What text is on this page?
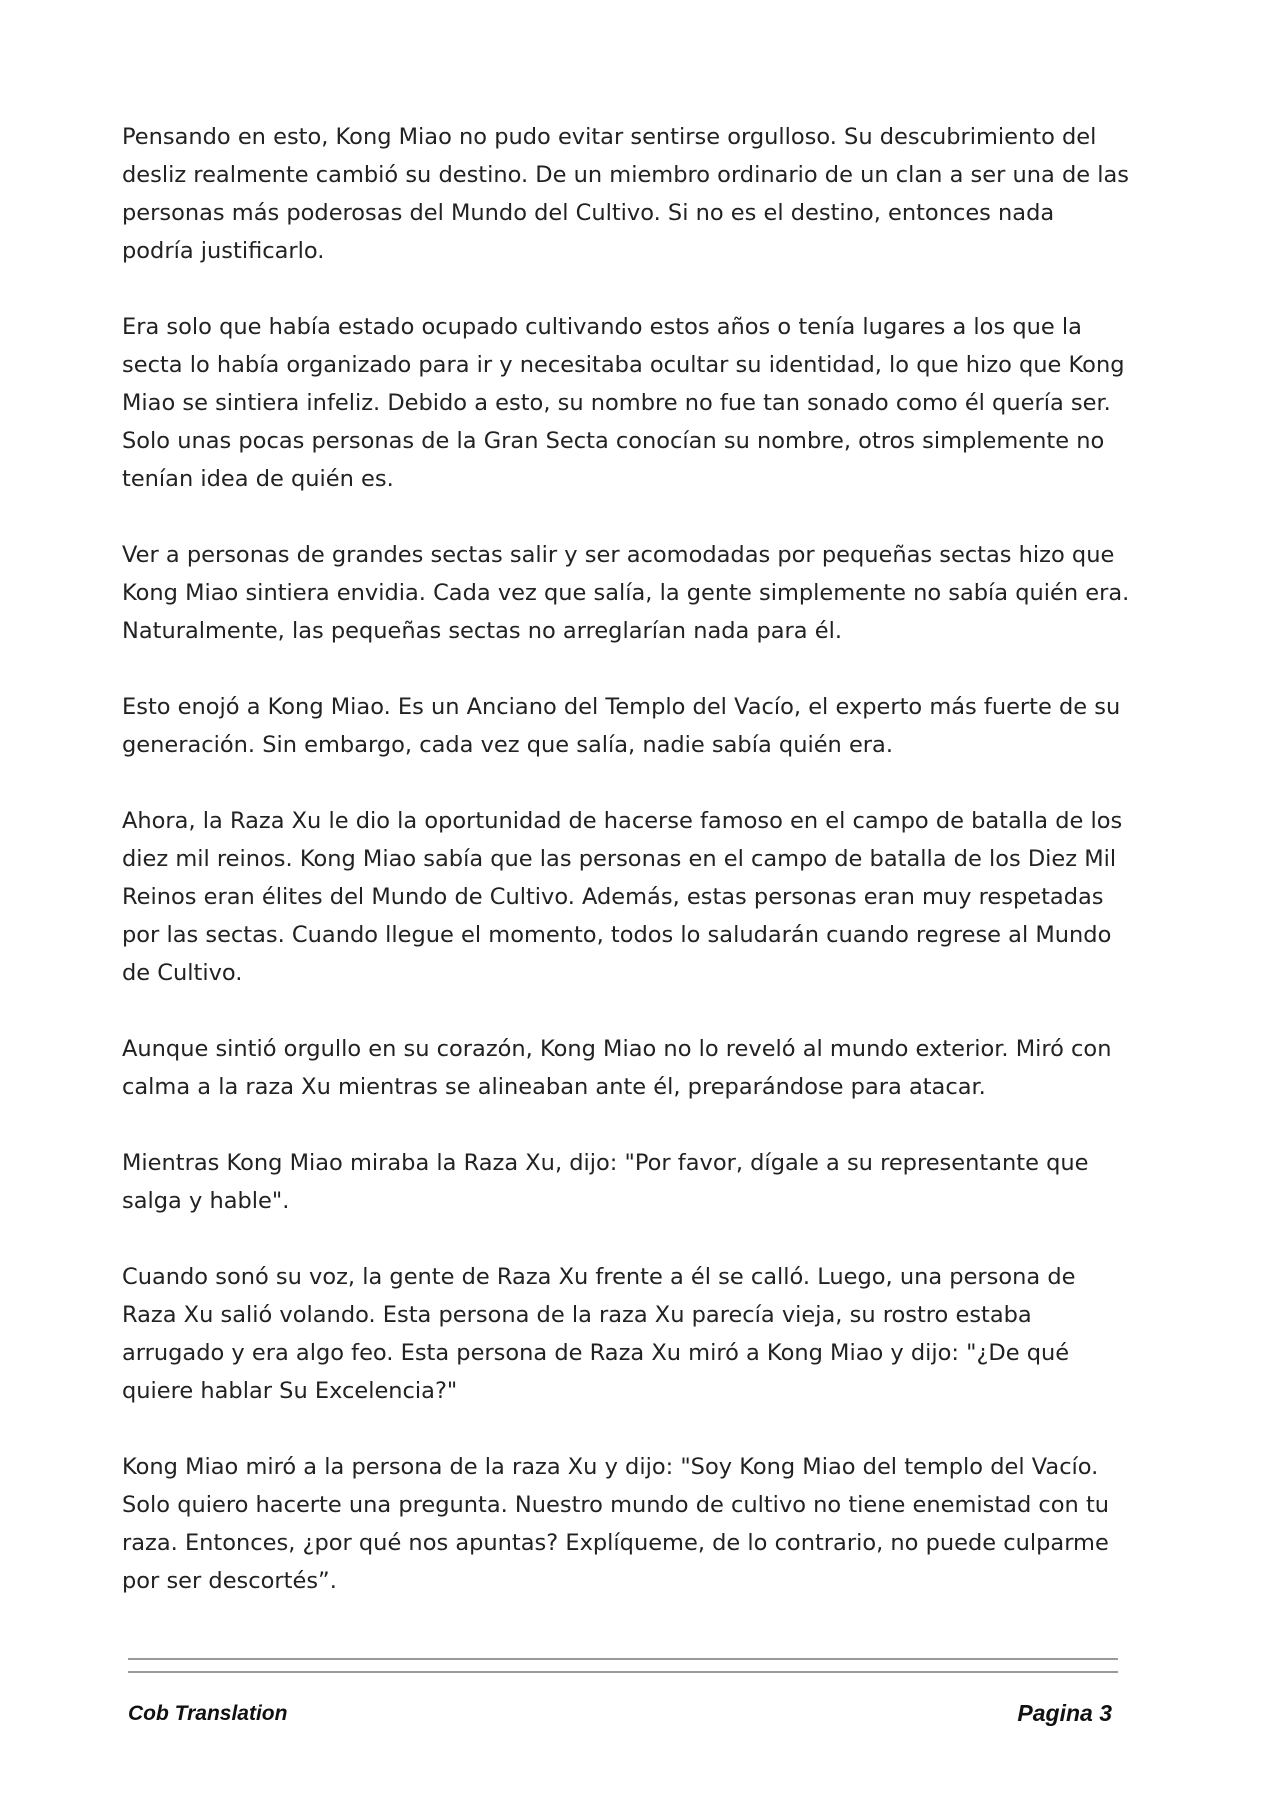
Pensando en esto, Kong Miao no pudo evitar sentirse orgulloso. Su descubrimiento del desliz realmente cambió su destino. De un miembro ordinario de un clan a ser una de las personas más poderosas del Mundo del Cultivo. Si no es el destino, entonces nada podría justificarlo.

Era solo que había estado ocupado cultivando estos años o tenía lugares a los que la secta lo había organizado para ir y necesitaba ocultar su identidad, lo que hizo que Kong Miao se sintiera infeliz. Debido a esto, su nombre no fue tan sonado como él quería ser. Solo unas pocas personas de la Gran Secta conocían su nombre, otros simplemente no tenían idea de quién es.

Ver a personas de grandes sectas salir y ser acomodadas por pequeñas sectas hizo que Kong Miao sintiera envidia. Cada vez que salía, la gente simplemente no sabía quién era. Naturalmente, las pequeñas sectas no arreglarían nada para él.

Esto enojó a Kong Miao. Es un Anciano del Templo del Vacío, el experto más fuerte de su generación. Sin embargo, cada vez que salía, nadie sabía quién era.

Ahora, la Raza Xu le dio la oportunidad de hacerse famoso en el campo de batalla de los diez mil reinos. Kong Miao sabía que las personas en el campo de batalla de los Diez Mil Reinos eran élites del Mundo de Cultivo. Además, estas personas eran muy respetadas por las sectas. Cuando llegue el momento, todos lo saludarán cuando regrese al Mundo de Cultivo.

Aunque sintió orgullo en su corazón, Kong Miao no lo reveló al mundo exterior. Miró con calma a la raza Xu mientras se alineaban ante él, preparándose para atacar.

Mientras Kong Miao miraba la Raza Xu, dijo: "Por favor, dígale a su representante que salga y hable".

Cuando sonó su voz, la gente de Raza Xu frente a él se calló. Luego, una persona de Raza Xu salió volando. Esta persona de la raza Xu parecía vieja, su rostro estaba arrugado y era algo feo. Esta persona de Raza Xu miró a Kong Miao y dijo: "¿De qué quiere hablar Su Excelencia?"

Kong Miao miró a la persona de la raza Xu y dijo: "Soy Kong Miao del templo del Vacío. Solo quiero hacerte una pregunta. Nuestro mundo de cultivo no tiene enemistad con tu raza. Entonces, ¿por qué nos apuntas? Explíqueme, de lo contrario, no puede culparme por ser descortés”.

Cob Translation	Pagina 3
